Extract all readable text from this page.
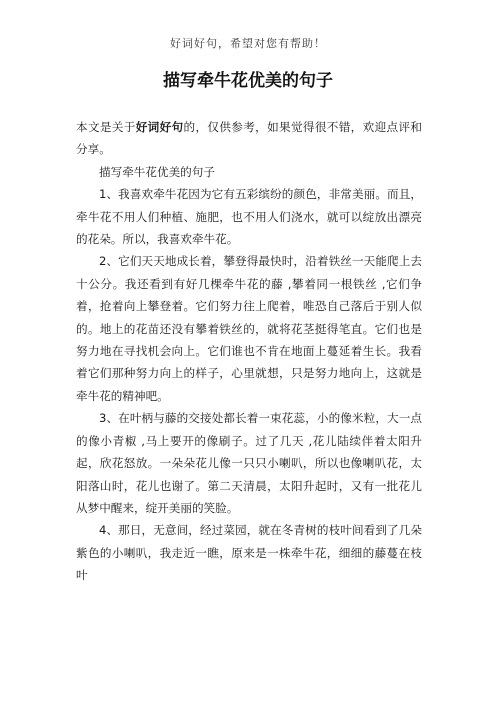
好词好句，希望对您有帮助！
描写牵牛花优美的句子

本文是关于好词好句的，仅供参考，如果觉得很不错，欢迎点评和分享。

描写牵牛花优美的句子

1、我喜欢牵牛花因为它有五彩缤纷的颜色，非常美丽。而且，牵牛花不用人们种植、施肥，也不用人们浇水，就可以绽放出漂亮的花朵。所以，我喜欢牵牛花。

2、它们天天地成长着，攀登得最快时，沿着铁丝一天能爬上去十公分。我还看到有好几棵牵牛花的藤 ,攀着同一根铁丝 ,它们争着，抢着向上攀登着。它们努力往上爬着，唯恐自己落后于别人似的。地上的花苗还没有攀着铁丝的，就将花茎挺得笔直。它们也是努力地在寻找机会向上。它们谁也不肯在地面上蔓延着生长。我看着它们那种努力向上的样子，心里就想，只是努力地向上，这就是牵牛花的精神吧。

3、在叶柄与藤的交接处都长着一束花蕊，小的像米粒，大一点的像小青椒 ,马上要开的像刷子。过了几天 ,花儿陆续伴着太阳升起，欣花怒放。一朵朵花儿像一只只小喇叭，所以也像喇叭花，太阳落山时，花儿也谢了。第二天清晨，太阳升起时，又有一批花儿从梦中醒来，绽开美丽的笑脸。

4、那日，无意间，经过菜园，就在冬青树的枝叶间看到了几朵紫色的小喇叭，我走近一瞧，原来是一株牵牛花，细细的藤蔓在枝叶
